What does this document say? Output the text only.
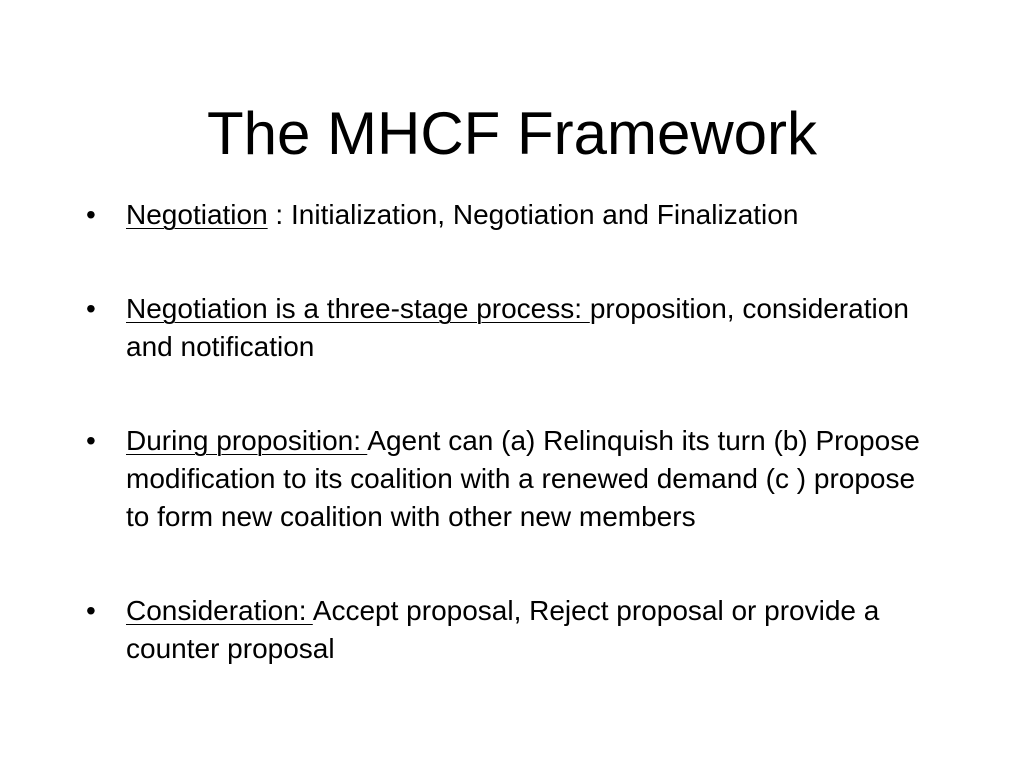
The MHCF Framework
• Negotiation : Initialization, Negotiation and Finalization
• Negotiation is a three-stage process: proposition, consideration and notification
• During proposition: Agent can (a) Relinquish its turn (b) Propose modification to its coalition with a renewed demand (c ) propose to form new coalition with other new members
• Consideration: Accept proposal, Reject proposal or provide a counter proposal
